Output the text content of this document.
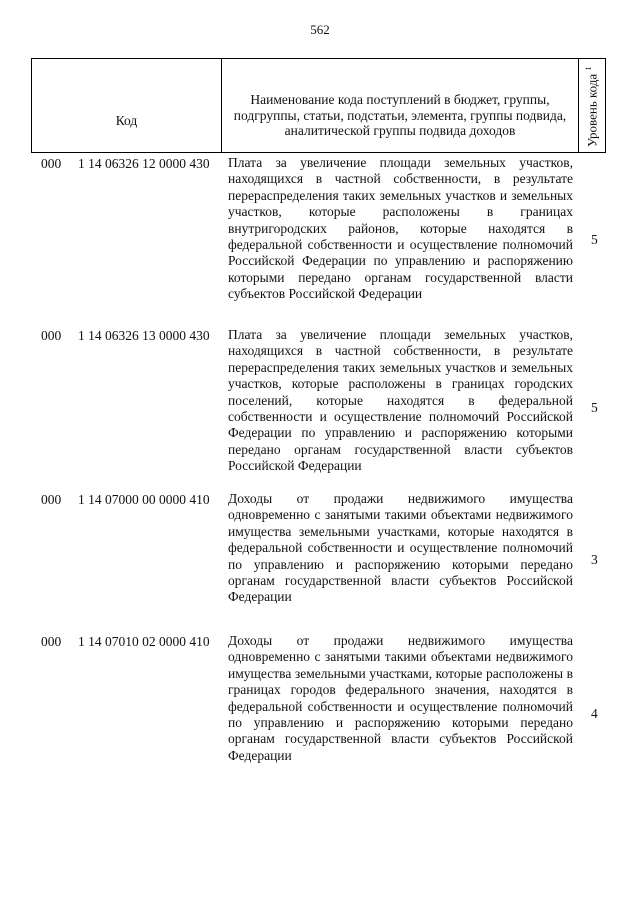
562
Код
Наименование кода поступлений в бюджет, группы, подгруппы, статьи, подстатьи, элемента, группы подвида, аналитической группы подвида доходов	Уровень кода $^1$
000 1 14 06326 12 0000 430 Плата за увеличение площади земельных участков, находящихся в частной собственности, в результате перераспределения таких земельных участков и земельных участков, которые расположены в границах внутригородских районов, которые находятся в федеральной собственности и осуществление полномочий Российской Федерации по управлению и распоряжению которыми передано органам государственной власти субъектов Российской Федерации
5
000 1 14 06326 13 0000 430 Плата за увеличение площади земельных участков, находящихся в частной собственности, в результате перераспределения таких земельных участков и земельных участков, которые расположены в границах городских поселений, которые находятся в федеральной собственности и осуществление полномочий Российской Федерации по управлению и распоряжению которыми передано органам государственной власти субъектов Российской Федерации
5
000 1 14 07000 00 0000 410 Доходы от продажи недвижимого имущества одновременно с занятыми такими объектами недвижимого имущества земельными участками, которые находятся в федеральной собственности и осуществление полномочий по управлению и распоряжению которыми передано органам государственной власти субъектов Российской Федерации
3
000 1 14 07010 02 0000 410 Доходы от продажи недвижимого имущества одновременно с занятыми такими объектами недвижимого имущества земельными участками, которые расположены в границах городов федерального значения, находятся в федеральной собственности и осуществление полномочий по управлению и распоряжению которыми передано органам государственной власти субъектов Российской Федерации
4
